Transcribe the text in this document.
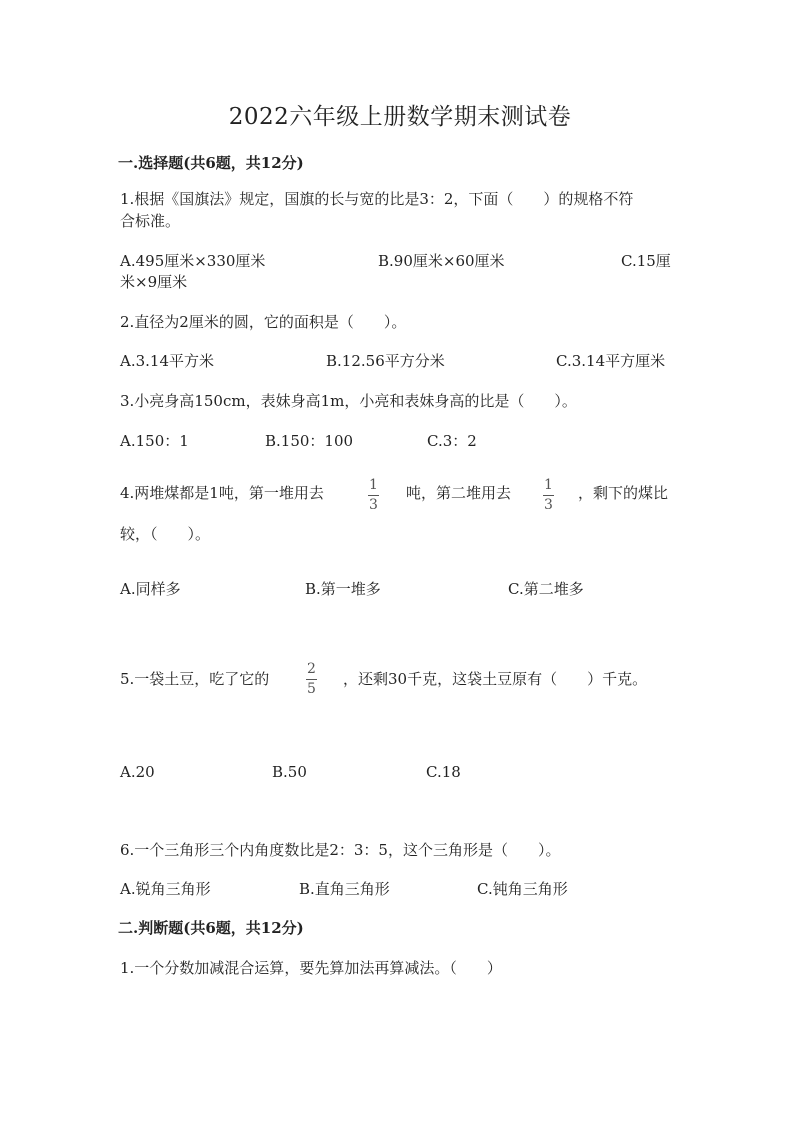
2022六年级上册数学期末测试卷
一.选择题(共6题，共12分)
1.根据《国旗法》规定，国旗的长与宽的比是3：2，下面（　　）的规格不符
合标准。
A.495厘米×330厘米	B.90厘米×60厘米	C.15厘
米×9厘米
2.直径为2厘米的圆，它的面积是（　　）。
A.3.14平方米	B.12.56平方分米	C.3.14平方厘米
3.小亮身高150cm，表妹身高1m，小亮和表妹身高的比是（　　）。
A.150：1	B.150：100	C.3：2
4.两堆煤都是1吨，第一堆用去	1
3
吨，第二堆用去 1
3
，剩下的煤比
较，（　　）。
A.同样多	B.第一堆多	C.第二堆多
5.一袋土豆，吃了它的
2
5
，还剩30千克，这袋土豆原有（　　）千克。
A.20	B.50	C.18
6.一个三角形三个内角度数比是2：3：5，这个三角形是（　　）。
A.锐角三角形	B.直角三角形	C.钝角三角形
二.判断题(共6题，共12分)
1.一个分数加减混合运算，要先算加法再算减法。（　　）
